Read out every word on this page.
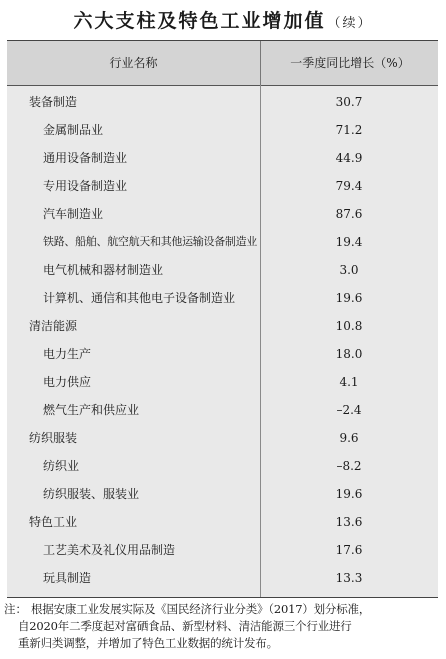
六大支柱及特色工业增加值 （续）
行业名称	一季度同比增长（%）
装备制造	30.7
金属制品业	71.2
通用设备制造业	44.9
专用设备制造业	79.4
汽车制造业	87.6
铁路、船舶、航空航天和其他运输设备制造业	19.4
电气机械和器材制造业	3.0
计算机、通信和其他电子设备制造业	19.6
清洁能源	10.8
电力生产	18.0
电力供应	4.1
燃气生产和供应业	–2.4
纺织服装	9.6
纺织业	–8.2
纺织服装、服装业	19.6
特色工业	13.6
工艺美术及礼仪用品制造	17.6
玩具制造	13.3
注： 根据安康工业发展实际及《国民经济行业分类》（2017）划分标准，
自2020年二季度起对富硒食品、新型材料、清洁能源三个行业进行
重新归类调整，并增加了特色工业数据的统计发布。
